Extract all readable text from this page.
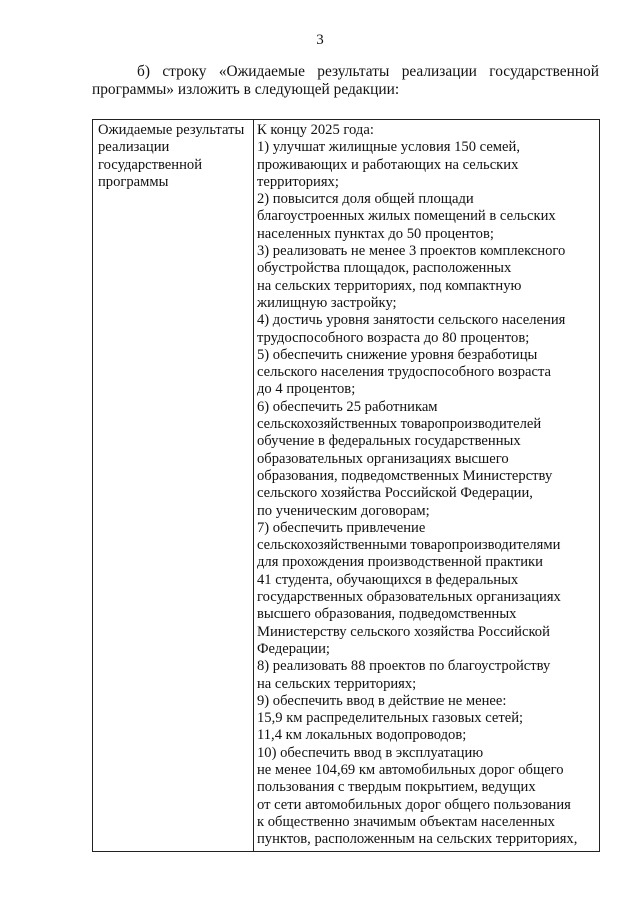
3
б) строку «Ожидаемые результаты реализации государственной
программы» изложить в следующей редакции:
Ожидаемые результаты
реализации
государственной
программы
К концу 2025 года:
1) улучшат жилищные условия 150 семей,
проживающих и работающих на сельских
территориях;
2) повысится доля общей площади
благоустроенных жилых помещений в сельских
населенных пунктах до 50 процентов;
3) реализовать не менее 3 проектов комплексного
обустройства площадок, расположенных
на сельских территориях, под компактную
жилищную застройку;
4) достичь уровня занятости сельского населения
трудоспособного возраста до 80 процентов;
5) обеспечить снижение уровня безработицы
сельского населения трудоспособного возраста
до 4 процентов;
6) обеспечить 25 работникам
сельскохозяйственных товаропроизводителей
обучение в федеральных государственных
образовательных организациях высшего
образования, подведомственных Министерству
сельского хозяйства Российской Федерации,
по ученическим договорам;
7) обеспечить привлечение
сельскохозяйственными товаропроизводителями
для прохождения производственной практики
41 студента, обучающихся в федеральных
государственных образовательных организациях
высшего образования, подведомственных
Министерству сельского хозяйства Российской
Федерации;
8) реализовать 88 проектов по благоустройству
на сельских территориях;
9) обеспечить ввод в действие не менее:
15,9 км распределительных газовых сетей;
11,4 км локальных водопроводов;
10) обеспечить ввод в эксплуатацию
не менее 104,69 км автомобильных дорог общего
пользования с твердым покрытием, ведущих
от сети автомобильных дорог общего пользования
к общественно значимым объектам населенных
пунктов, расположенным на сельских территориях,
